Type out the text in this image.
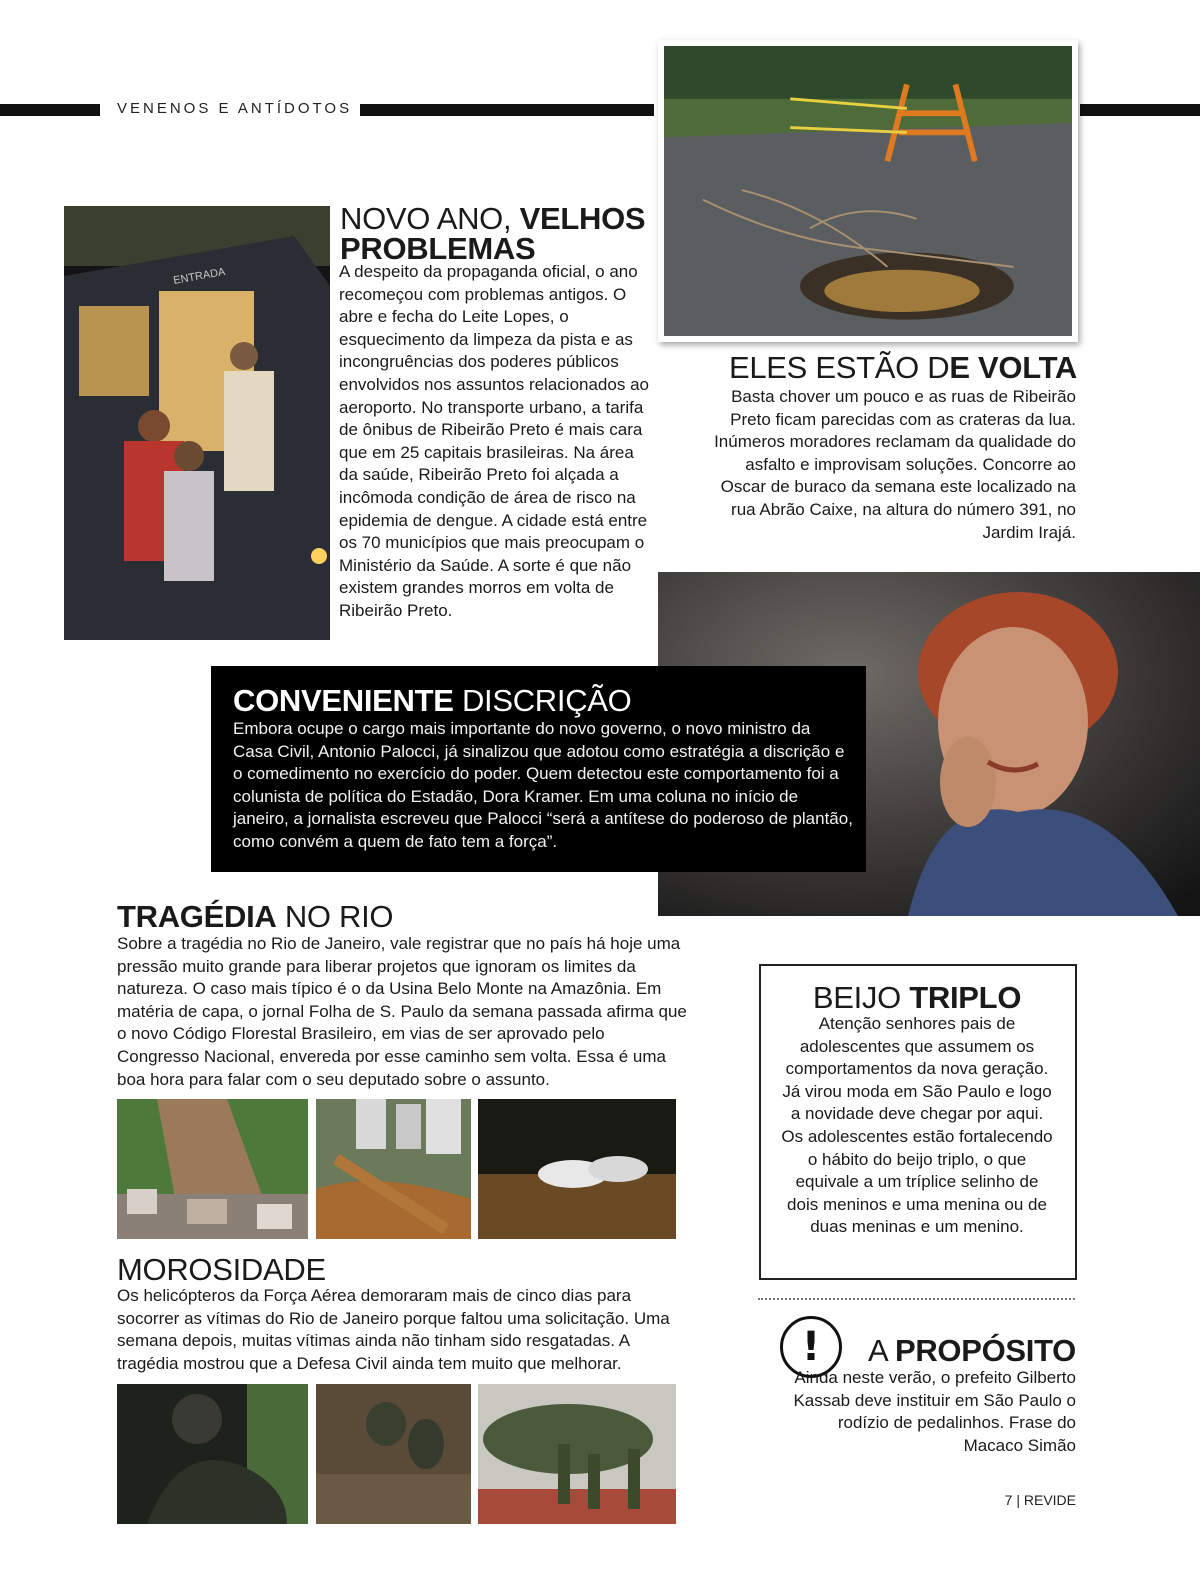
VENENOS E ANTÍDOTOS
ENTRADA
NOVO ANO, VELHOS PROBLEMAS
A despeito da propaganda oficial, o ano recomeçou com problemas antigos. O abre e fecha do Leite Lopes, o esquecimento da limpeza da pista e as incongruências dos poderes públicos envolvidos nos assuntos relacionados ao aeroporto. No transporte urbano, a tarifa de ônibus de Ribeirão Preto é mais cara que em 25 capitais brasileiras. Na área da saúde, Ribeirão Preto foi alçada a incômoda condição de área de risco na epidemia de dengue. A cidade está entre os 70 municípios que mais preocupam o Ministério da Saúde. A sorte é que não existem grandes morros em volta de Ribeirão Preto.
ELES ESTÃO DE VOLTA
Basta chover um pouco e as ruas de Ribeirão Preto ficam parecidas com as crateras da lua. Inúmeros moradores reclamam da qualidade do asfalto e improvisam soluções. Concorre ao Oscar de buraco da semana este localizado na rua Abrão Caixe, na altura do número 391, no Jardim Irajá.
CONVENIENTE DISCRIÇÃO
Embora ocupe o cargo mais importante do novo governo, o novo ministro da Casa Civil, Antonio Palocci, já sinalizou que adotou como estratégia a discrição e o comedimento no exercício do poder. Quem detectou este comportamento foi a colunista de política do Estadão, Dora Kramer. Em uma coluna no início de janeiro, a jornalista escreveu que Palocci “será a antítese do poderoso de plantão, como convém a quem de fato tem a força”.
TRAGÉDIA NO RIO
Sobre a tragédia no Rio de Janeiro, vale registrar que no país há hoje uma pressão muito grande para liberar projetos que ignoram os limites da natureza. O caso mais típico é o da Usina Belo Monte na Amazônia. Em matéria de capa, o jornal Folha de S. Paulo da semana passada afirma que o novo Código Florestal Brasileiro, em vias de ser aprovado pelo Congresso Nacional, envereda por esse caminho sem volta. Essa é uma boa hora para falar com o seu deputado sobre o assunto.
MOROSIDADE
Os helicópteros da Força Aérea demoraram mais de cinco dias para socorrer as vítimas do Rio de Janeiro porque faltou uma solicitação. Uma semana depois, muitas vítimas ainda não tinham sido resgatadas. A tragédia mostrou que a Defesa Civil ainda tem muito que melhorar.
BEIJO TRIPLO
Atenção senhores pais de adolescentes que assumem os comportamentos da nova geração. Já virou moda em São Paulo e logo a novidade deve chegar por aqui. Os adolescentes estão fortalecendo o hábito do beijo triplo, o que equivale a um tríplice selinho de dois meninos e uma menina ou de duas meninas e um menino.
!	A PROPÓSITO
Ainda neste verão, o prefeito Gilberto Kassab deve instituir em São Paulo o rodízio de pedalinhos. Frase do Macaco Simão
7 | REVIDE
